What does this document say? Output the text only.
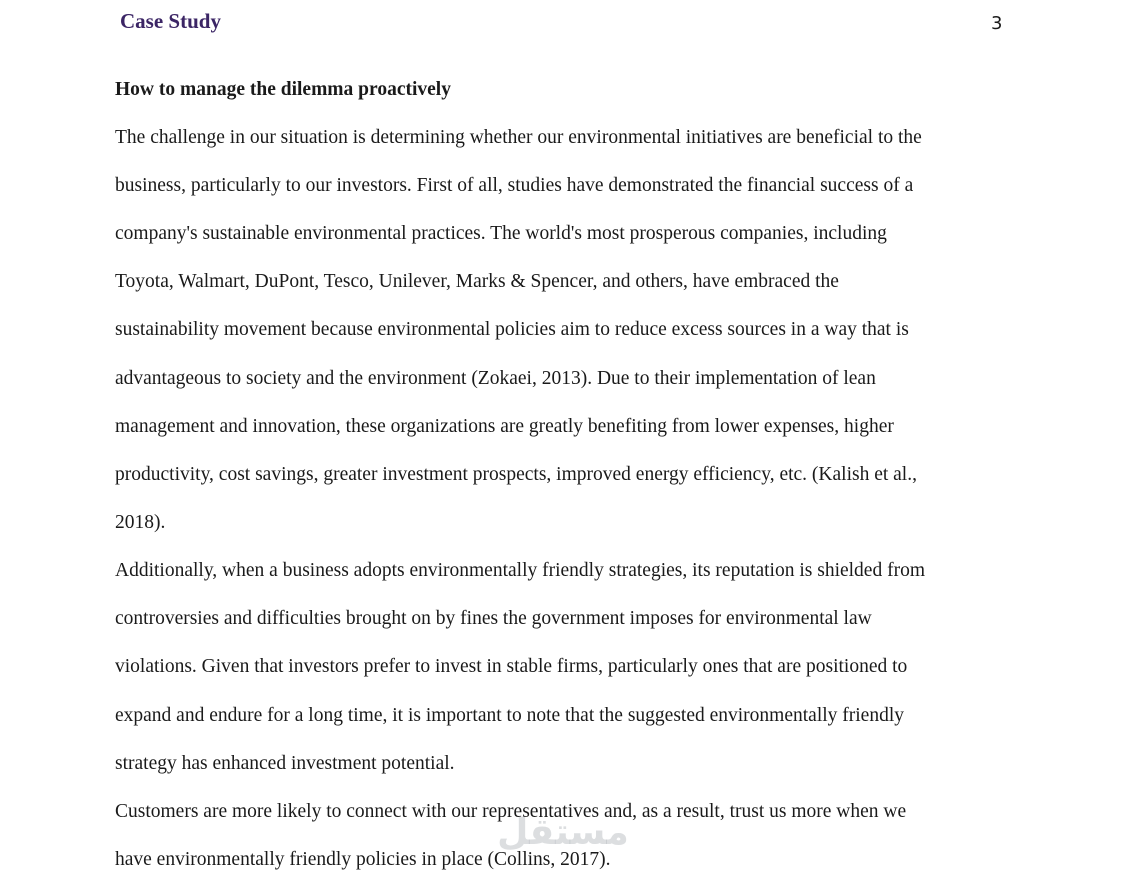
Case Study	3
How to manage the dilemma proactively
The challenge in our situation is determining whether our environmental initiatives are beneficial to the
business, particularly to our investors. First of all, studies have demonstrated the financial success of a
company's sustainable environmental practices. The world's most prosperous companies, including
Toyota, Walmart, DuPont, Tesco, Unilever, Marks & Spencer, and others, have embraced the
sustainability movement because environmental policies aim to reduce excess sources in a way that is
advantageous to society and the environment (Zokaei, 2013). Due to their implementation of lean
management and innovation, these organizations are greatly benefiting from lower expenses, higher
productivity, cost savings, greater investment prospects, improved energy efficiency, etc. (Kalish et al.,
2018).
Additionally, when a business adopts environmentally friendly strategies, its reputation is shielded from
controversies and difficulties brought on by fines the government imposes for environmental law
violations. Given that investors prefer to invest in stable firms, particularly ones that are positioned to
expand and endure for a long time, it is important to note that the suggested environmentally friendly
strategy has enhanced investment potential.
Customers are more likely to connect with our representatives and, as a result, trust us more when we
have environmentally friendly policies in place (Collins, 2017).
مستقل
